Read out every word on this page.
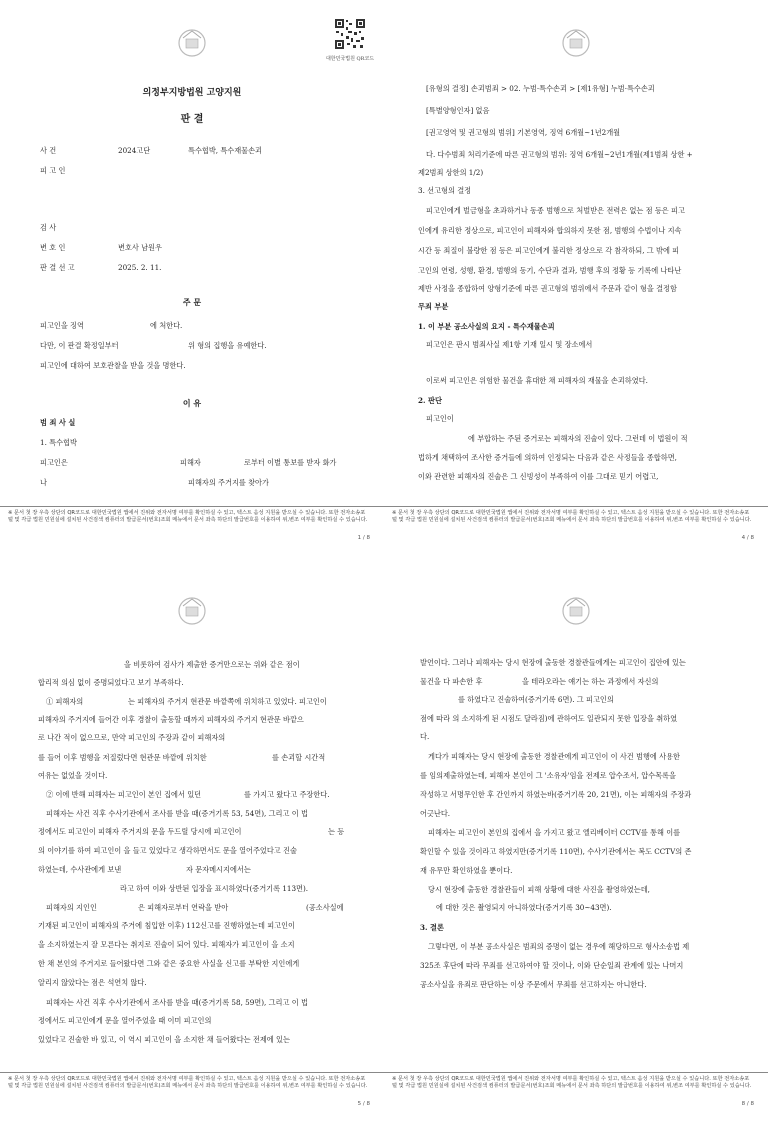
대한민국법원 QR코드
의정부지방법원 고양지원
판 결
사 건	2024고단	특수협박, 특수재물손괴
피 고 인
검 사
변 호 인	변호사 남원우
판 결 선 고	2025. 2. 11.
주 문
피고인을 징역	에 처한다.
다만, 이 판결 확정일부터	위 형의 집행을 유예한다.
피고인에 대하여 보호관찰을 받을 것을 명한다.
이 유
범 죄 사 실
1. 특수협박
피고인은	피해자	로부터 이별 통보를 받자 화가
나	피해자의 주거지를 찾아가
※ 문서 첫 장 우측 상단의 QR코드로 대한민국법원 앱에서 진위와 전자서명 여부를 확인하실 수 있고, 텍스트 음성 지원을 받으실 수 있습니다. 또한 전자소송포털 및 각급 법원 민원실에 설치된 사건검색 컴퓨터의 발급문서(번호)조회 메뉴에서 문서 좌측 하단의 발급번호를 이용하여 위,변조 여부를 확인하실 수 있습니다.
1 / 8
[유형의 결정] 손괴범죄 > 02. 누범·특수손괴 > [제1유형] 누범·특수손괴
[특별양형인자] 없음
[권고영역 및 권고형의 범위] 기본영역, 징역 6개월~1년2개월
다. 다수범죄 처리기준에 따른 권고형의 범위: 징역 6개월~2년1개월(제1범죄 상한 +
제2범죄 상한의 1/2)
3. 선고형의 결정
피고인에게 벌금형을 초과하거나 동종 범행으로 처벌받은 전력은 없는 점 등은 피고
인에게 유리한 정상으로, 피고인이 피해자와 합의하지 못한 점, 범행의 수법이나 지속
시간 등 죄질이 불량한 점 등은 피고인에게 불리한 정상으로 각 참작하되, 그 밖에 피
고인의 연령, 성행, 환경, 범행의 동기, 수단과 결과, 범행 후의 정황 등 기록에 나타난
제반 사정을 종합하여 양형기준에 따른 권고형의 범위에서 주문과 같이 형을 결정함
무죄 부분
1. 이 부분 공소사실의 요지 - 특수재물손괴
피고인은 판시 범죄사실 제1항 기재 일시 및 장소에서
이로써 피고인은 위험한 물건을 휴대한 채 피해자의 재물을 손괴하였다.
2. 판단
피고인이
에 부합하는 주된 증거로는 피해자의 진술이 있다. 그런데 이 법원이 적
법하게 채택하여 조사한 증거들에 의하여 인정되는 다음과 같은 사정들을 종합하면,
이와 관련한 피해자의 진술은 그 신빙성이 부족하여 이를 그대로 믿기 어렵고,
※ 문서 첫 장 우측 상단의 QR코드로 대한민국법원 앱에서 진위와 전자서명 여부를 확인하실 수 있고, 텍스트 음성 지원을 받으실 수 있습니다. 또한 전자소송포털 및 각급 법원 민원실에 설치된 사건검색 컴퓨터의 발급문서(번호)조회 메뉴에서 문서 좌측 하단의 발급번호를 이용하여 위,변조 여부를 확인하실 수 있습니다.
4 / 8
을 비롯하여 검사가 제출한 증거만으로는 위와 같은 점이
합리적 의심 없이 증명되었다고 보기 부족하다.
① 피해자의	는 피해자의 주거지 현관문 바깥쪽에 위치하고 있었다. 피고인이
피해자의 주거지에 들어간 이후 경찰이 출동할 때까지 피해자의 주거지 현관문 바깥으
로 나간 적이 없으므로, 만약 피고인의 주장과 같이 피해자의
를 들어 이후 범행을 저질렀다면 현관문 바깥에 위치한	를 손괴할 시간적
여유는 없었을 것이다.
② 이에 반해 피해자는 피고인이 본인 집에서 있던	를 가지고 왔다고 주장한다.
피해자는 사건 직후 수사기관에서 조사를 받을 때(증거기록 53, 54면), 그리고 이 법
정에서도 피고인이 피해자 주거지의 문을 두드릴 당시에 피고인이	는 등
의 이야기를 하여 피고인이 을 들고 있었다고 생각하면서도 문을 열어주었다고 진술
하였는데, 수사관에게 보낸	자 문자메시지에서는
라고 하여 이와 상반된 입장을 표시하였다(증거기록 113면).
피해자의 지인인	은 피해자로부터 연락을 받아	(공소사실에
기재된 피고인이 피해자의 주거에 침입한 이후) 112신고를 진행하였는데 피고인이
을 소지하였는지 잘 모른다는 취지로 진술이 되어 있다. 피해자가 피고인이 을 소지
한 채 본인의 주거지로 들어왔다면 그와 같은 중요한 사실을 신고를 부탁한 지인에게
알리지 않았다는 점은 석연치 않다.
피해자는 사건 직후 수사기관에서 조사를 받을 때(증거기록 58, 59면), 그리고 이 법
정에서도 피고인에게 문을 열어주었을 때 이미 피고인의
있었다고 진술한 바 있고, 이 역시 피고인이 을 소지한 채 들어왔다는 전제에 있는
※ 문서 첫 장 우측 상단의 QR코드로 대한민국법원 앱에서 진위와 전자서명 여부를 확인하실 수 있고, 텍스트 음성 지원을 받으실 수 있습니다. 또한 전자소송포털 및 각급 법원 민원실에 설치된 사건검색 컴퓨터의 발급문서(번호)조회 메뉴에서 문서 좌측 하단의 발급번호를 이용하여 위,변조 여부를 확인하실 수 있습니다.
5 / 8
발언이다. 그러나 피해자는 당시 현장에 출동한 경찰관들에게는 피고인이 집안에 있는
물건을 다 파손한 후	을 테라오라는 얘기는 하는 과정에서 자신의
를 하였다고 진술하여(증거기록 6면). 그 피고인의
점에 따라 의 소지하게 된 시점도 달라짐)에 관하여도 일관되지 못한 입장을 취하였
다.
게다가 피해자는 당시 현장에 출동한 경찰관에게 피고인이 이 사건 범행에 사용한
를 임의제출하였는데, 피해자 본인이 그 '소유자'임을 전제로 압수조서, 압수목록을
작성하고 서명무인한 후 간인까지 하였는바(증거기록 20, 21면), 이는 피해자의 주장과
어긋난다.
피해자는 피고인이 본인의 집에서 을 가지고 왔고 엘리베이터 CCTV를 통해 이를
확인할 수 있을 것이라고 하였지만(증거기록 110면), 수사기관에서는 복도 CCTV의 존
재 유무만 확인하였을 뿐이다.
당시 현장에 출동한 경찰관들이 피해 상황에 대한 사진을 촬영하였는데,
에 대한 것은 촬영되지 아니하였다(증거기록 30~43면).
3. 결론
그렇다면, 이 부분 공소사실은 범죄의 증명이 없는 경우에 해당하므로 형사소송법 제
325조 후단에 따라 무죄를 선고하여야 할 것이나, 이와 단순일죄 관계에 있는 나머지
공소사실을 유죄로 판단하는 이상 주문에서 무죄를 선고하지는 아니한다.
※ 문서 첫 장 우측 상단의 QR코드로 대한민국법원 앱에서 진위와 전자서명 여부를 확인하실 수 있고, 텍스트 음성 지원을 받으실 수 있습니다. 또한 전자소송포털 및 각급 법원 민원실에 설치된 사건검색 컴퓨터의 발급문서(번호)조회 메뉴에서 문서 좌측 하단의 발급번호를 이용하여 위,변조 여부를 확인하실 수 있습니다.
8 / 8
